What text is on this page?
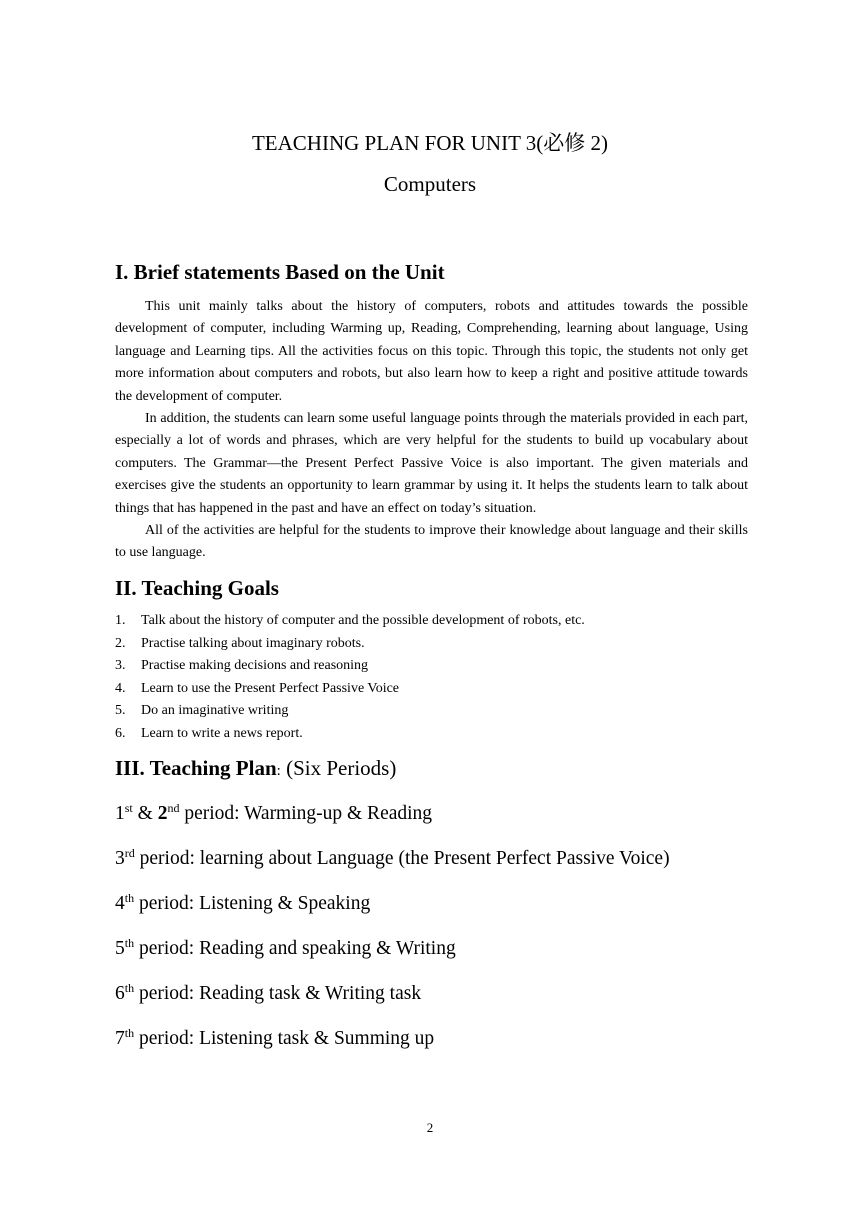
TEACHING PLAN FOR UNIT 3(必修 2)
Computers
I. Brief statements Based on the Unit

This unit mainly talks about the history of computers, robots and attitudes towards the possible development of computer, including Warming up, Reading, Comprehending, learning about language, Using language and Learning tips. All the activities focus on this topic. Through this topic, the students not only get more information about computers and robots, but also learn how to keep a right and positive attitude towards the development of computer.

In addition, the students can learn some useful language points through the materials provided in each part, especially a lot of words and phrases, which are very helpful for the students to build up vocabulary about computers. The Grammar—the Present Perfect Passive Voice is also important. The given materials and exercises give the students an opportunity to learn grammar by using it. It helps the students learn to talk about things that has happened in the past and have an effect on today’s situation.

All of the activities are helpful for the students to improve their knowledge about language and their skills to use language.

II. Teaching Goals
1. Talk about the history of computer and the possible development of robots, etc.
2. Practise talking about imaginary robots.
3. Practise making decisions and reasoning
4. Learn to use the Present Perfect Passive Voice
5. Do an imaginative writing
6. Learn to write a news report.
III. Teaching Plan: (Six Periods)
1st & 2nd period: Warming-up & Reading
3rd period: learning about Language (the Present Perfect Passive Voice)
4th period: Listening & Speaking
5th period: Reading and speaking & Writing
6th period: Reading task & Writing task
7th period: Listening task & Summing up
2
